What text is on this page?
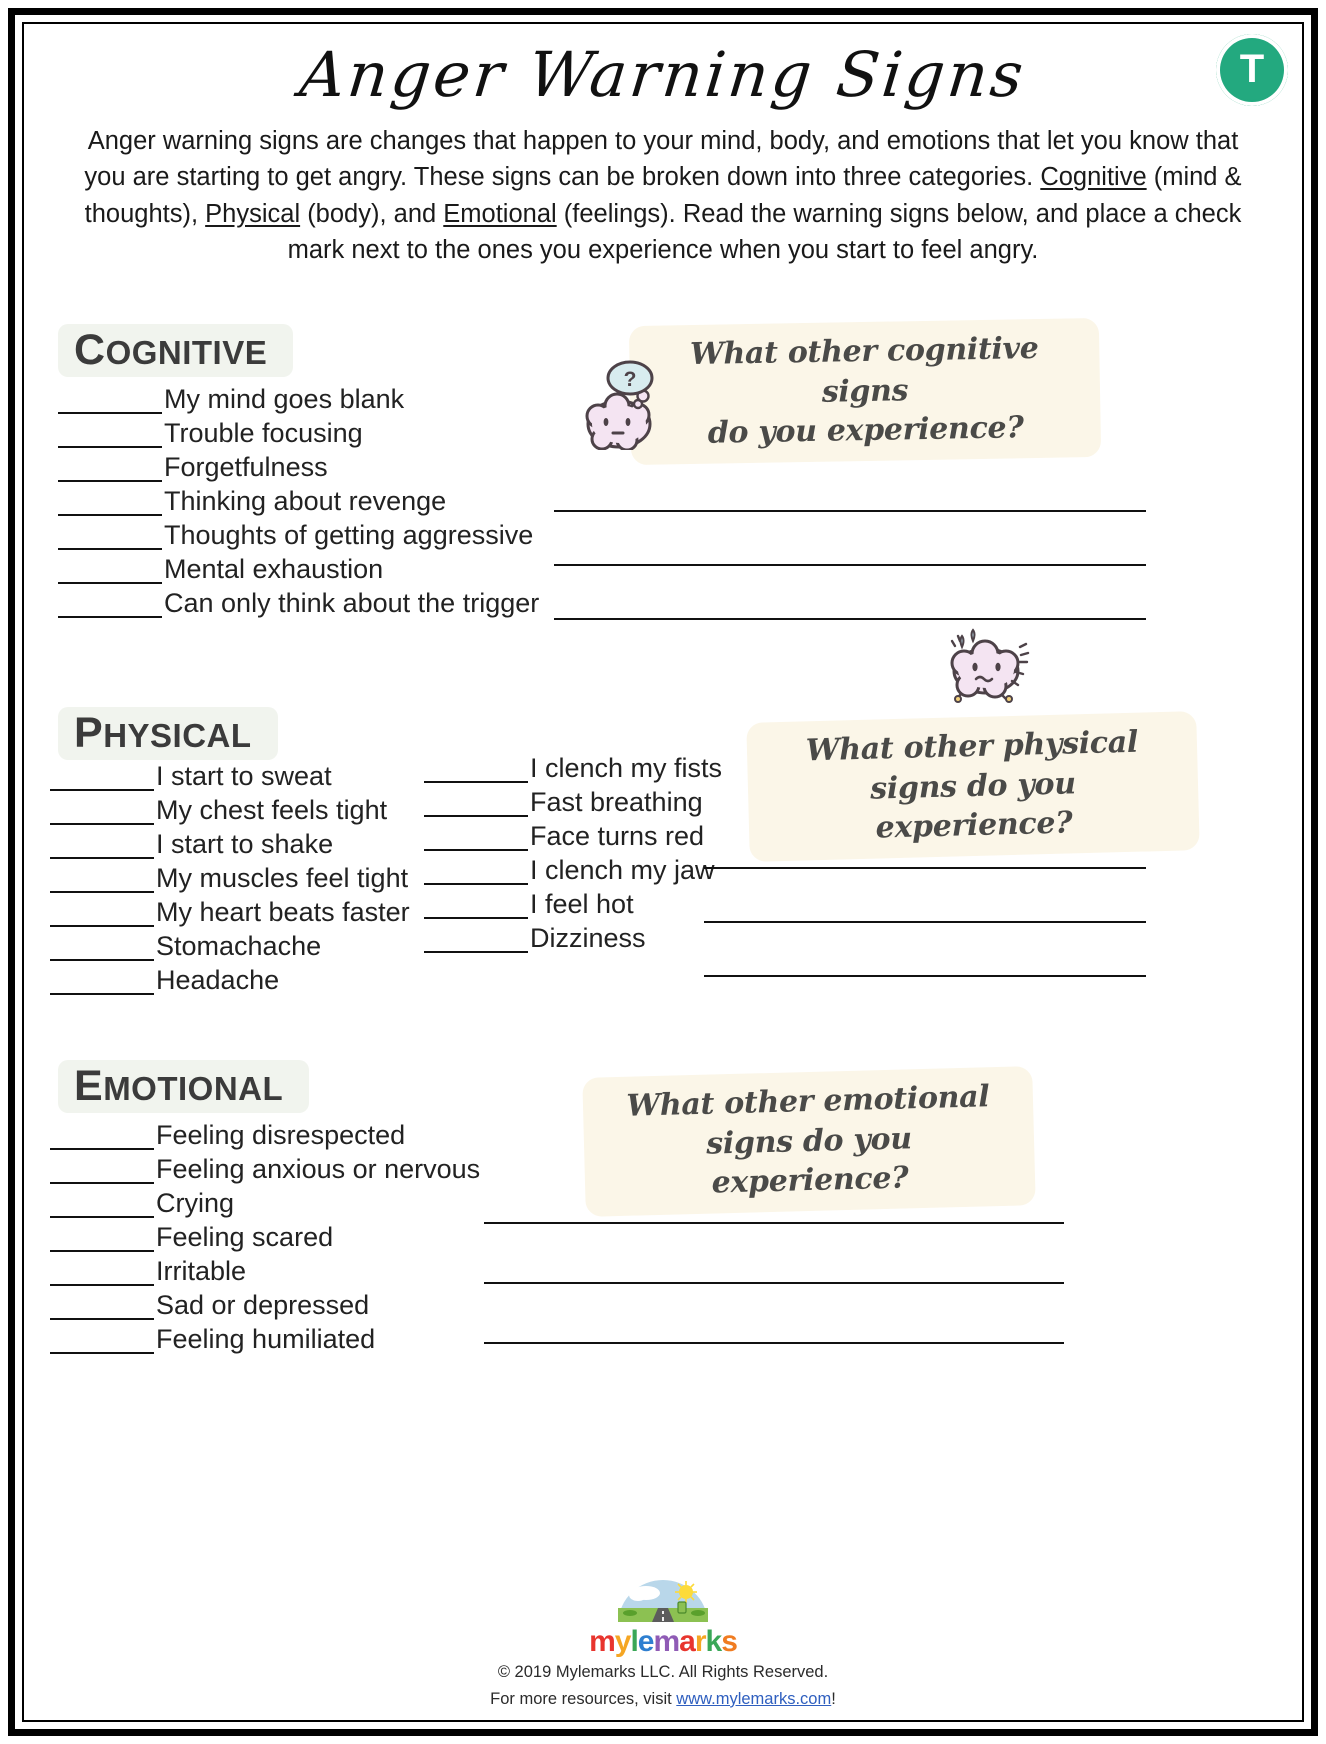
T
Anger Warning Signs
Anger warning signs are changes that happen to your mind, body, and emotions that let you know that you are starting to get angry. These signs can be broken down into three categories. Cognitive (mind & thoughts), Physical (body), and Emotional (feelings). Read the warning signs below, and place a check mark next to the ones you experience when you start to feel angry.
COGNITIVE
My mind goes blank
Trouble focusing
Forgetfulness
Thinking about revenge
Thoughts of getting aggressive
Mental exhaustion
Can only think about the trigger
What other cognitive signs
do you experience?
?
PHYSICAL
I start to sweat
My chest feels tight
I start to shake
My muscles feel tight
My heart beats faster
Stomachache
Headache
I clench my fists
Fast breathing
Face turns red
I clench my jaw
I feel hot
Dizziness
What other physical
signs do you experience?
EMOTIONAL
Feeling disrespected
Feeling anxious or nervous
Crying
Feeling scared
Irritable
Sad or depressed
Feeling humiliated
What other emotional
signs do you experience?
mylemarks
© 2019 Mylemarks LLC. All Rights Reserved.
For more resources, visit www.mylemarks.com!
